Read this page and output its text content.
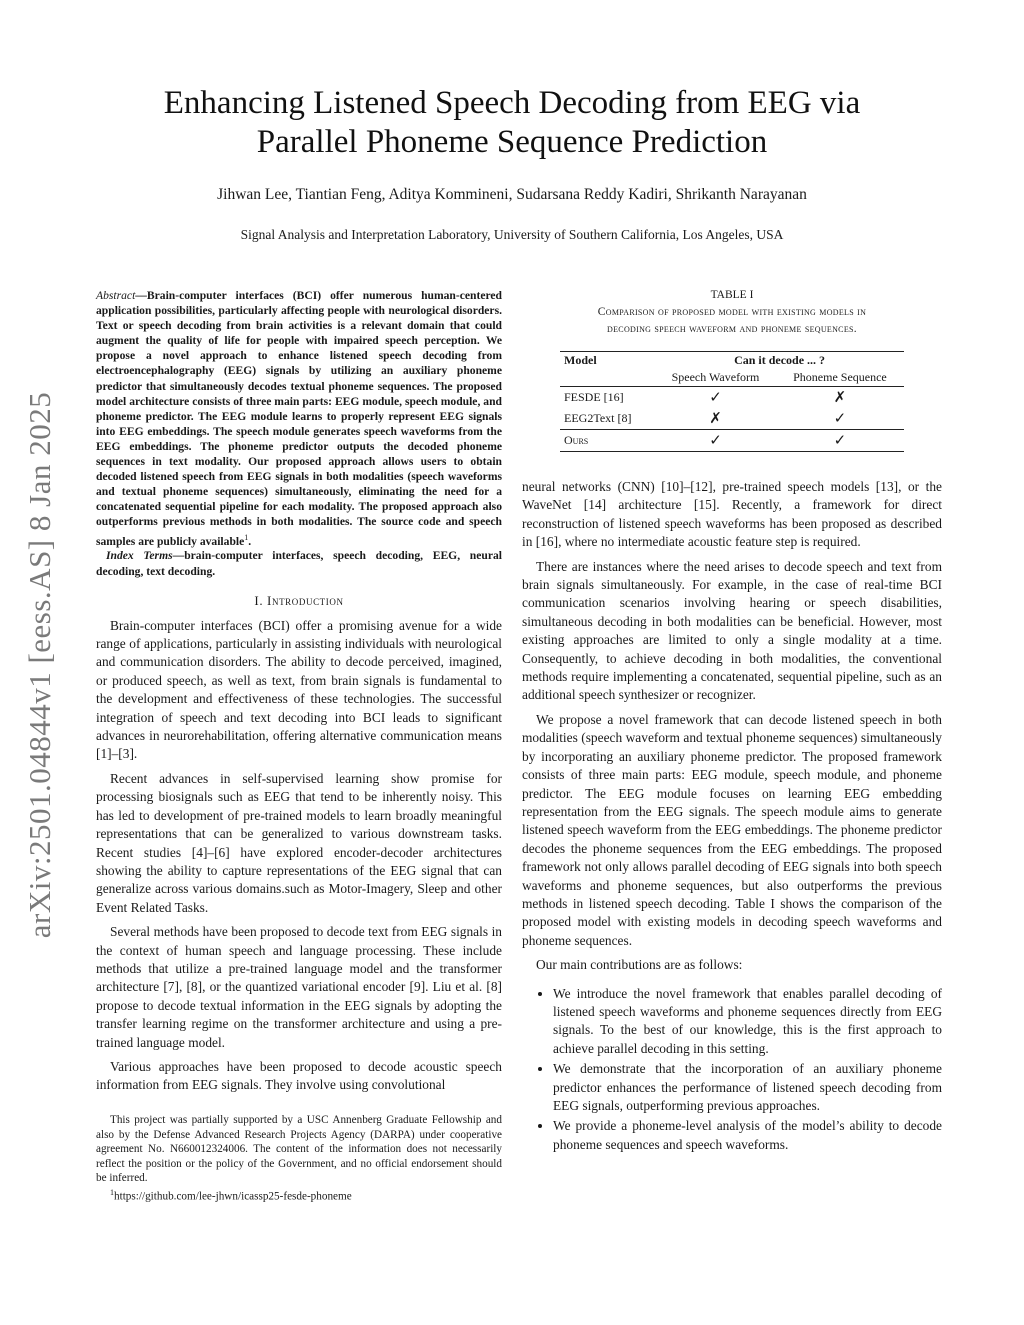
arXiv:2501.04844v1 [eess.AS] 8 Jan 2025
Enhancing Listened Speech Decoding from EEG via
Parallel Phoneme Sequence Prediction
Jihwan Lee, Tiantian Feng, Aditya Kommineni, Sudarsana Reddy Kadiri, Shrikanth Narayanan
Signal Analysis and Interpretation Laboratory, University of Southern California, Los Angeles, USA

Abstract—Brain-computer interfaces (BCI) offer numerous human-centered application possibilities, particularly affecting people with neurological disorders. Text or speech decoding from brain activities is a relevant domain that could augment the quality of life for people with impaired speech perception. We propose a novel approach to enhance listened speech decoding from electroencephalography (EEG) signals by utilizing an auxiliary phoneme predictor that simultaneously decodes textual phoneme sequences. The proposed model architecture consists of three main parts: EEG module, speech module, and phoneme predictor. The EEG module learns to properly represent EEG signals into EEG embeddings. The speech module generates speech waveforms from the EEG embeddings. The phoneme predictor outputs the decoded phoneme sequences in text modality. Our proposed approach allows users to obtain decoded listened speech from EEG signals in both modalities (speech waveforms and textual phoneme sequences) simultaneously, eliminating the need for a concatenated sequential pipeline for each modality. The proposed approach also outperforms previous methods in both modalities. The source code and speech samples are publicly available$^1$.

Index Terms—brain-computer interfaces, speech decoding, EEG, neural decoding, text decoding.

I. Introduction

Brain-computer interfaces (BCI) offer a promising avenue for a wide range of applications, particularly in assisting individuals with neurological and communication disorders. The ability to decode perceived, imagined, or produced speech, as well as text, from brain signals is fundamental to the development and effectiveness of these technologies. The successful integration of speech and text decoding into BCI leads to significant advances in neurorehabilitation, offering alternative communication means [1]–[3].

Recent advances in self-supervised learning show promise for processing biosignals such as EEG that tend to be inherently noisy. This has led to development of pre-trained models to learn broadly meaningful representations that can be generalized to various downstream tasks. Recent studies [4]–[6] have explored encoder-decoder architectures showing the ability to capture representations of the EEG signal that can generalize across various domains.such as Motor-Imagery, Sleep and other Event Related Tasks.

Several methods have been proposed to decode text from EEG signals in the context of human speech and language processing. These include methods that utilize a pre-trained language model and the transformer architecture [7], [8], or the quantized variational encoder [9]. Liu et al. [8] propose to decode textual information in the EEG signals by adopting the transfer learning regime on the transformer architecture and using a pre-trained language model.

Various approaches have been proposed to decode acoustic speech information from EEG signals. They involve using convolutional

This project was partially supported by a USC Annenberg Graduate Fellowship and also by the Defense Advanced Research Projects Agency (DARPA) under cooperative agreement No. N660012324006. The content of the information does not necessarily reflect the position or the policy of the Government, and no official endorsement should be inferred.

$^1$https://github.com/lee-jhwn/icassp25-fesde-phoneme

TABLE I

Comparison of proposed model with existing models in

decoding speech waveform and phoneme sequences.

Model	Can it decode ... ?	
	Speech Waveform	Phoneme Sequence
FESDE [16]	✓	✗
EEG2Text [8]	✗	✓
Ours	✓	✓

neural networks (CNN) [10]–[12], pre-trained speech models [13], or the WaveNet [14] architecture [15]. Recently, a framework for direct reconstruction of listened speech waveforms has been proposed as described in [16], where no intermediate acoustic feature step is required.

There are instances where the need arises to decode speech and text from brain signals simultaneously. For example, in the case of real-time BCI communication scenarios involving hearing or speech disabilities, simultaneous decoding in both modalities can be beneficial. However, most existing approaches are limited to only a single modality at a time. Consequently, to achieve decoding in both modalities, the conventional methods require implementing a concatenated, sequential pipeline, such as an additional speech synthesizer or recognizer.

We propose a novel framework that can decode listened speech in both modalities (speech waveform and textual phoneme sequences) simultaneously by incorporating an auxiliary phoneme predictor. The proposed framework consists of three main parts: EEG module, speech module, and phoneme predictor. The EEG module focuses on learning EEG embedding representation from the EEG signals. The speech module aims to generate listened speech waveform from the EEG embeddings. The phoneme predictor decodes the phoneme sequences from the EEG embeddings. The proposed framework not only allows parallel decoding of EEG signals into both speech waveforms and phoneme sequences, but also outperforms the previous methods in listened speech decoding. Table I shows the comparison of the proposed model with existing models in decoding speech waveforms and phoneme sequences.

Our main contributions are as follows:

• We introduce the novel framework that enables parallel decoding of listened speech waveforms and phoneme sequences directly from EEG signals. To the best of our knowledge, this is the first approach to achieve parallel decoding in this setting.
• We demonstrate that the incorporation of an auxiliary phoneme predictor enhances the performance of listened speech decoding from EEG signals, outperforming previous approaches.
• We provide a phoneme-level analysis of the model’s ability to decode phoneme sequences and speech waveforms.
